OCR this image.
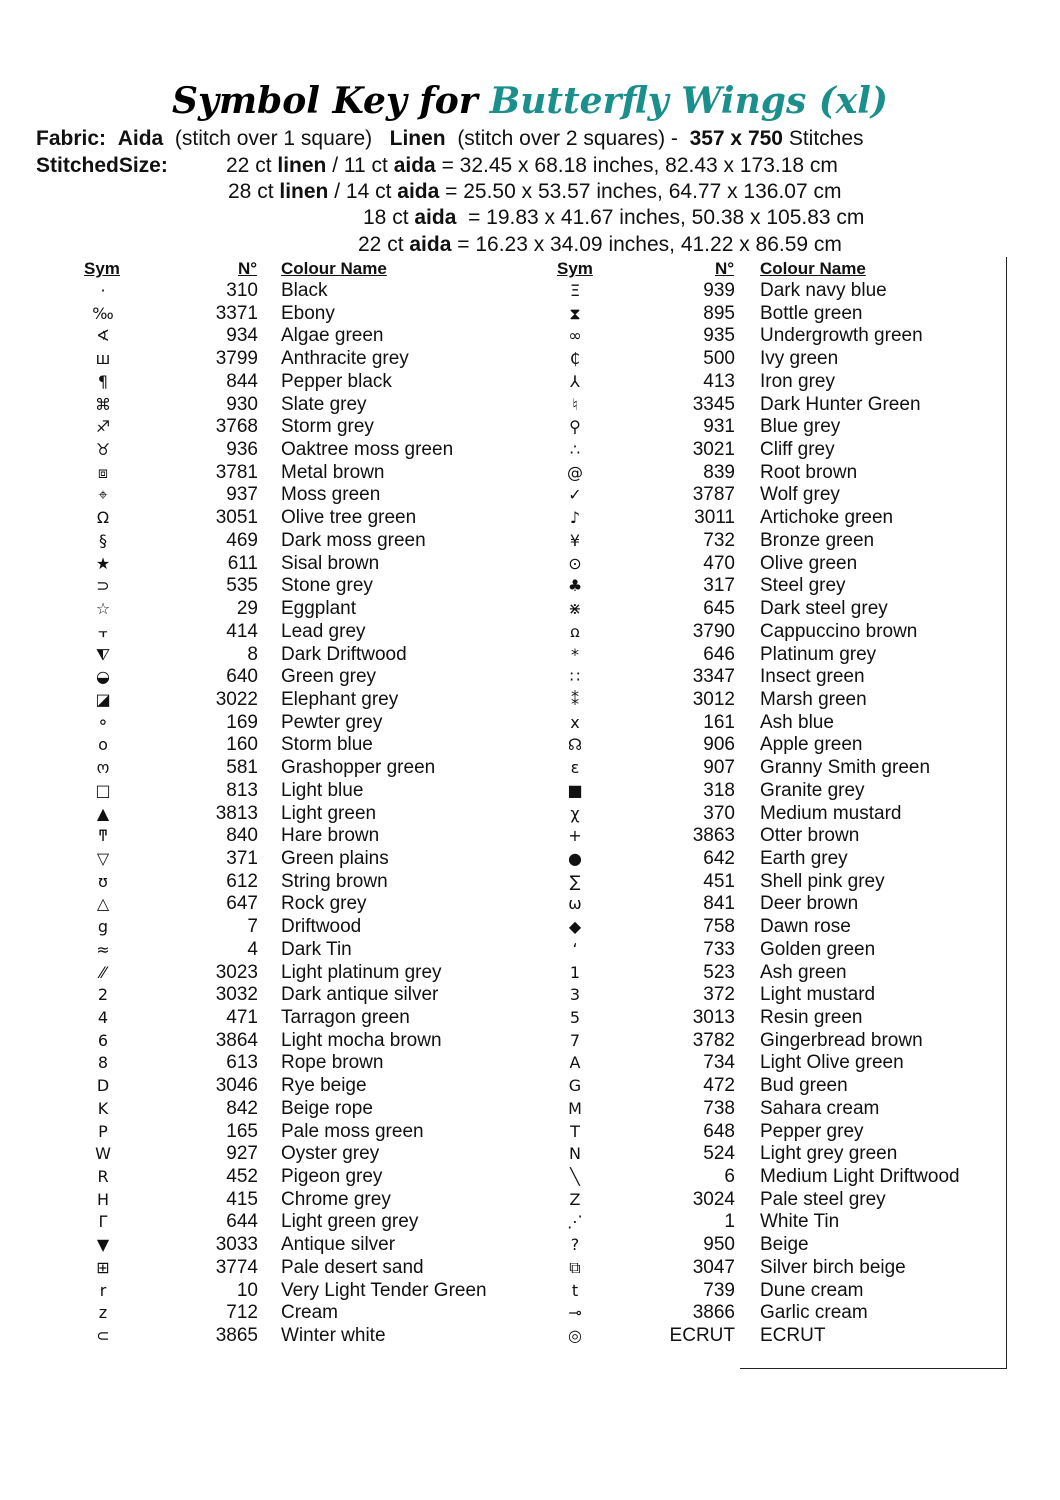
Symbol Key for Butterfly Wings (xl)
Fabric: Aida (stitch over 1 square) Linen (stitch over 2 squares) - 357 x 750 Stitches
StitchedSize:	22 ct linen / 11 ct aida = 32.45 x 68.18 inches, 82.43 x 173.18 cm
28 ct linen / 14 ct aida = 25.50 x 53.57 inches, 64.77 x 136.07 cm
18 ct aida  = 19.83 x 41.67 inches, 50.38 x 105.83 cm
22 ct aida = 16.23 x 34.09 inches, 41.22 x 86.59 cm
Sym	N° Colour Name	Sym	N° Colour Name
·	310 Black
‰	3371 Ebony
∢	934 Algae green
ш	3799 Anthracite grey
¶	844 Pepper black
⌘	930 Slate grey
♐	3768 Storm grey
♉	936 Oaktree moss green
⧈	3781 Metal brown
⌖	937 Moss green
Ω	3051 Olive tree green
§	469 Dark moss green
★	611 Sisal brown
⊃	535 Stone grey
☆	29 Eggplant
⫟	414 Lead grey
⧨	8 Dark Driftwood
◒	640 Green grey
◪	3022 Elephant grey
⚬	169 Pewter grey
o	160 Storm blue
ო	581 Grashopper green
□	813 Light blue
▲	3813 Light green
ͳ	840 Hare brown
▽	371 Green plains
ʊ	612 String brown
△	647 Rock grey
g	7 Driftwood
≈	4 Dark Tin
⁄⁄	3023 Light platinum grey
2	3032 Dark antique silver
4	471 Tarragon green
6	3864 Light mocha brown
8	613 Rope brown
D	3046 Rye beige
K	842 Beige rope
P	165 Pale moss green
W	927 Oyster grey
R	452 Pigeon grey
H	415 Chrome grey
Γ	644 Light green grey
▼	3033 Antique silver
⊞	3774 Pale desert sand
r	10 Very Light Tender Green
z	712 Cream
⊂	3865 Winter white
Ξ	939 Dark navy blue
⧗	895 Bottle green
∞	935 Undergrowth green
₵	500 Ivy green
⅄	413 Iron grey
♮	3345 Dark Hunter Green
⚲	931 Blue grey
∴	3021 Cliff grey
@	839 Root brown
✓	3787 Wolf grey
♪	3011 Artichoke green
¥	732 Bronze green
⊙	470 Olive green
♣	317 Steel grey
⋇	645 Dark steel grey
ꭥ	3790 Cappuccino brown
*	646 Platinum grey
∷	3347 Insect green
⁑	3012 Marsh green
x	161 Ash blue
☊	906 Apple green
ɛ	907 Granny Smith green
■	318 Granite grey
χ	370 Medium mustard
+	3863 Otter brown
●	642 Earth grey
∑	451 Shell pink grey
ω	841 Deer brown
◆	758 Dawn rose
ʻ	733 Golden green
1	523 Ash green
3	372 Light mustard
5	3013 Resin green
7	3782 Gingerbread brown
A	734 Light Olive green
G	472 Bud green
M	738 Sahara cream
T	648 Pepper grey
N	524 Light grey green
╲	6 Medium Light Driftwood
Z	3024 Pale steel grey
⋰	1 White Tin
?	950 Beige
⧉	3047 Silver birch beige
t	739 Dune cream
⊸	3866 Garlic cream
◎	ECRUT ECRUT
